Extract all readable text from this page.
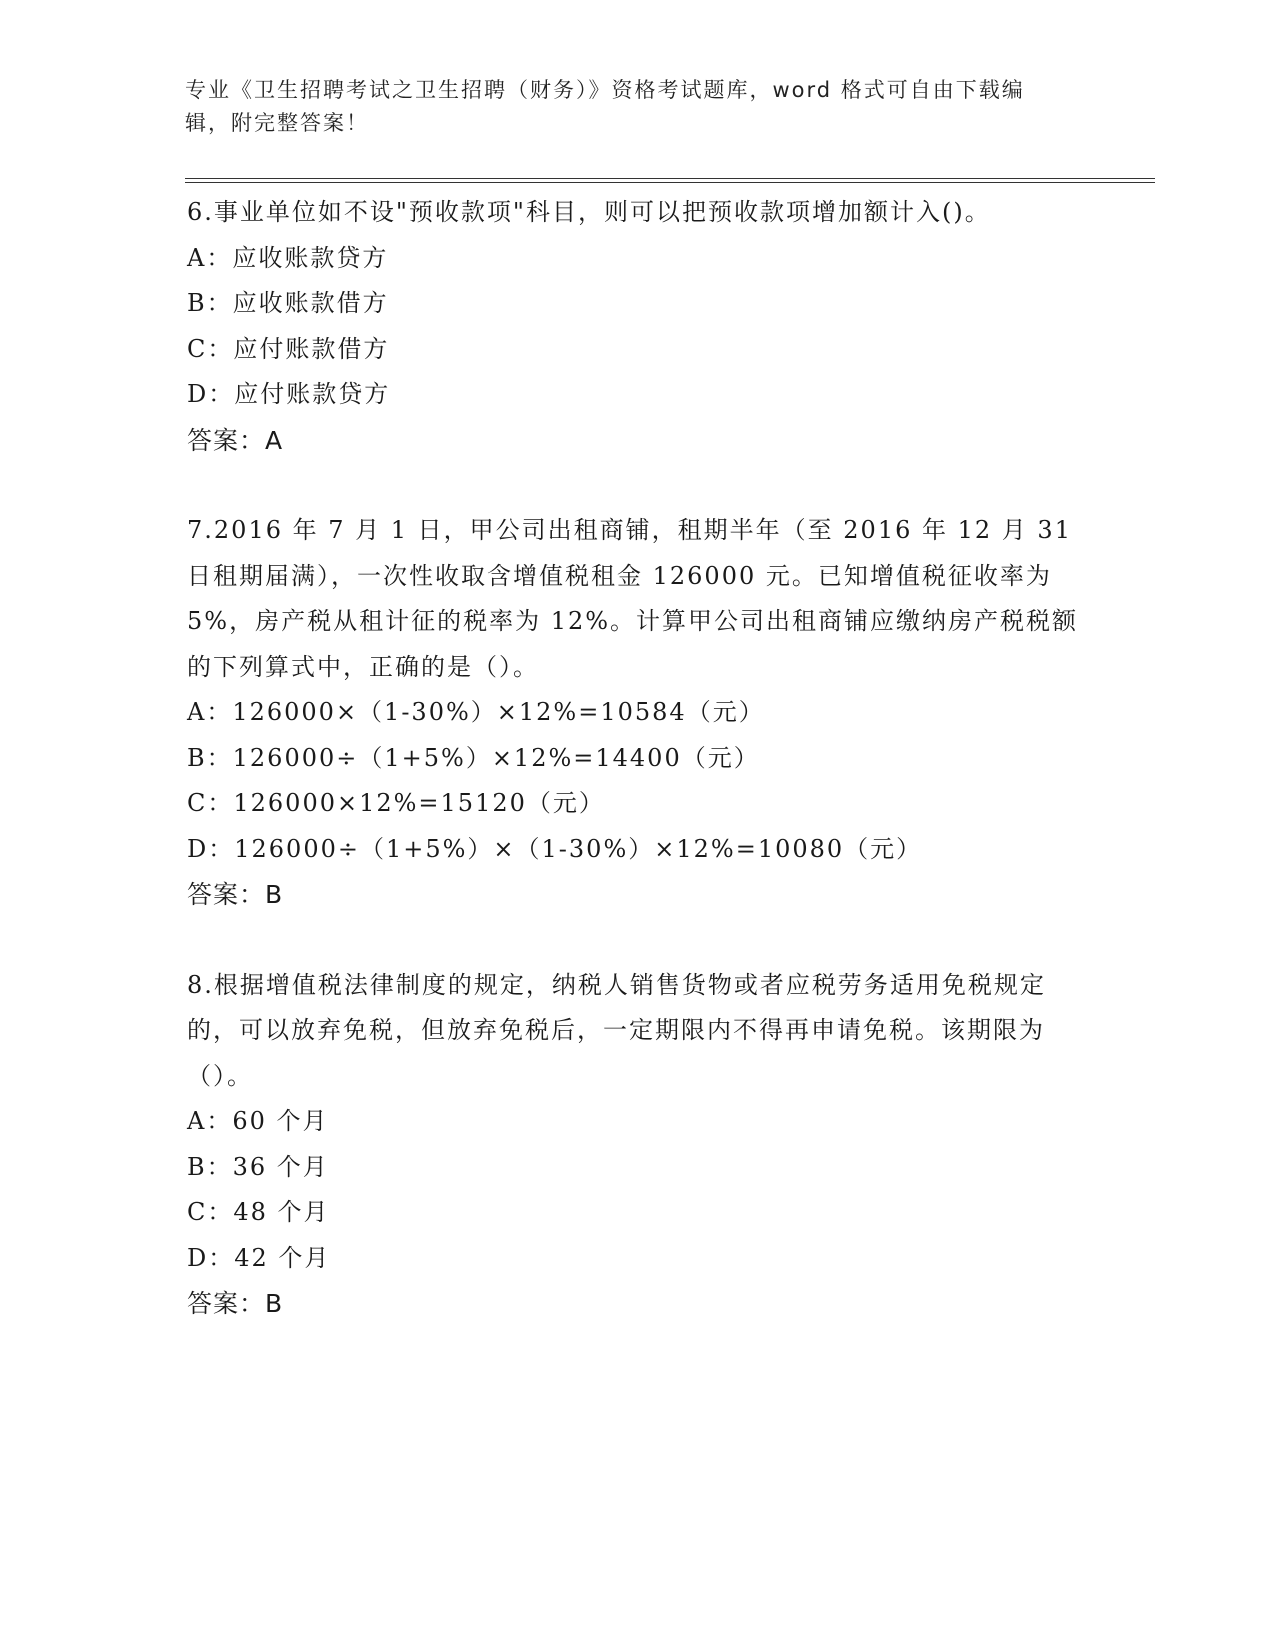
专业《卫生招聘考试之卫生招聘（财务）》资格考试题库，word 格式可自由下载编辑，附完整答案！
6.事业单位如不设"预收款项"科目，则可以把预收款项增加额计入()。
A：应收账款贷方
B：应收账款借方
C：应付账款借方
D：应付账款贷方
答案：A
7.2016 年 7 月 1 日，甲公司出租商铺，租期半年（至 2016 年 12 月 31 日租期届满），一次性收取含增值税租金 126000 元。已知增值税征收率为 5%，房产税从租计征的税率为 12%。计算甲公司出租商铺应缴纳房产税税额的下列算式中，正确的是（）。
A：126000×（1-30%）×12%=10584（元）
B：126000÷（1+5%）×12%=14400（元）
C：126000×12%=15120（元）
D：126000÷（1+5%）×（1-30%）×12%=10080（元）
答案：B
8.根据增值税法律制度的规定，纳税人销售货物或者应税劳务适用免税规定的，可以放弃免税，但放弃免税后，一定期限内不得再申请免税。该期限为（）。
A：60 个月
B：36 个月
C：48 个月
D：42 个月
答案：B
